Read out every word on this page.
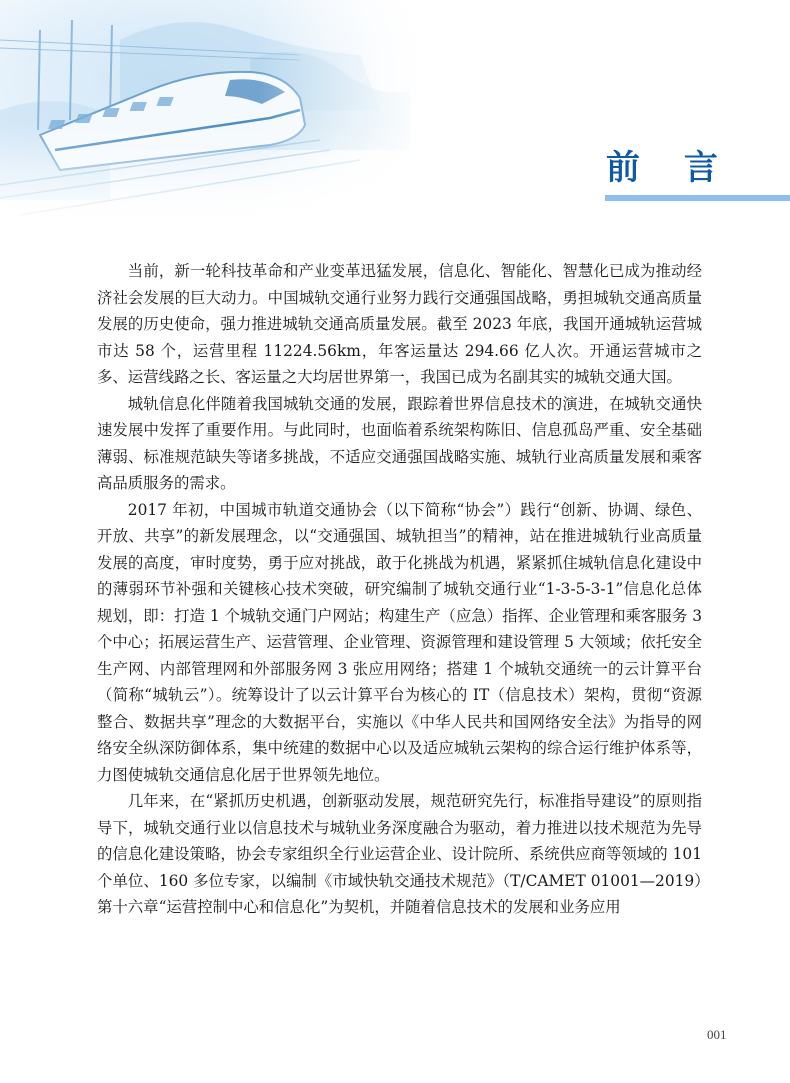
前 言

当前，新一轮科技革命和产业变革迅猛发展，信息化、智能化、智慧化已成为推动经济社会发展的巨大动力。中国城轨交通行业努力践行交通强国战略，勇担城轨交通高质量发展的历史使命，强力推进城轨交通高质量发展。截至 2023 年底，我国开通城轨运营城市达 58 个，运营里程 11224.56km，年客运量达 294.66 亿人次。开通运营城市之多、运营线路之长、客运量之大均居世界第一，我国已成为名副其实的城轨交通大国。

城轨信息化伴随着我国城轨交通的发展，跟踪着世界信息技术的演进，在城轨交通快速发展中发挥了重要作用。与此同时，也面临着系统架构陈旧、信息孤岛严重、安全基础薄弱、标准规范缺失等诸多挑战，不适应交通强国战略实施、城轨行业高质量发展和乘客高品质服务的需求。

2017 年初，中国城市轨道交通协会（以下简称“协会”）践行“创新、协调、绿色、开放、共享”的新发展理念，以“交通强国、城轨担当”的精神，站在推进城轨行业高质量发展的高度，审时度势，勇于应对挑战，敢于化挑战为机遇，紧紧抓住城轨信息化建设中的薄弱环节补强和关键核心技术突破，研究编制了城轨交通行业“1-3-5-3-1”信息化总体规划，即：打造 1 个城轨交通门户网站；构建生产（应急）指挥、企业管理和乘客服务 3 个中心；拓展运营生产、运营管理、企业管理、资源管理和建设管理 5 大领域；依托安全生产网、内部管理网和外部服务网 3 张应用网络；搭建 1 个城轨交通统一的云计算平台（简称“城轨云”）。统筹设计了以云计算平台为核心的 IT（信息技术）架构，贯彻“资源整合、数据共享”理念的大数据平台，实施以《中华人民共和国网络安全法》为指导的网络安全纵深防御体系，集中统建的数据中心以及适应城轨云架构的综合运行维护体系等，力图使城轨交通信息化居于世界领先地位。

几年来，在“紧抓历史机遇，创新驱动发展，规范研究先行，标准指导建设”的原则指导下，城轨交通行业以信息技术与城轨业务深度融合为驱动，着力推进以技术规范为先导的信息化建设策略，协会专家组织全行业运营企业、设计院所、系统供应商等领域的 101 个单位、160 多位专家，以编制《市域快轨交通技术规范》（T/CAMET 01001—2019）第十六章“运营控制中心和信息化”为契机，并随着信息技术的发展和业务应用

001
